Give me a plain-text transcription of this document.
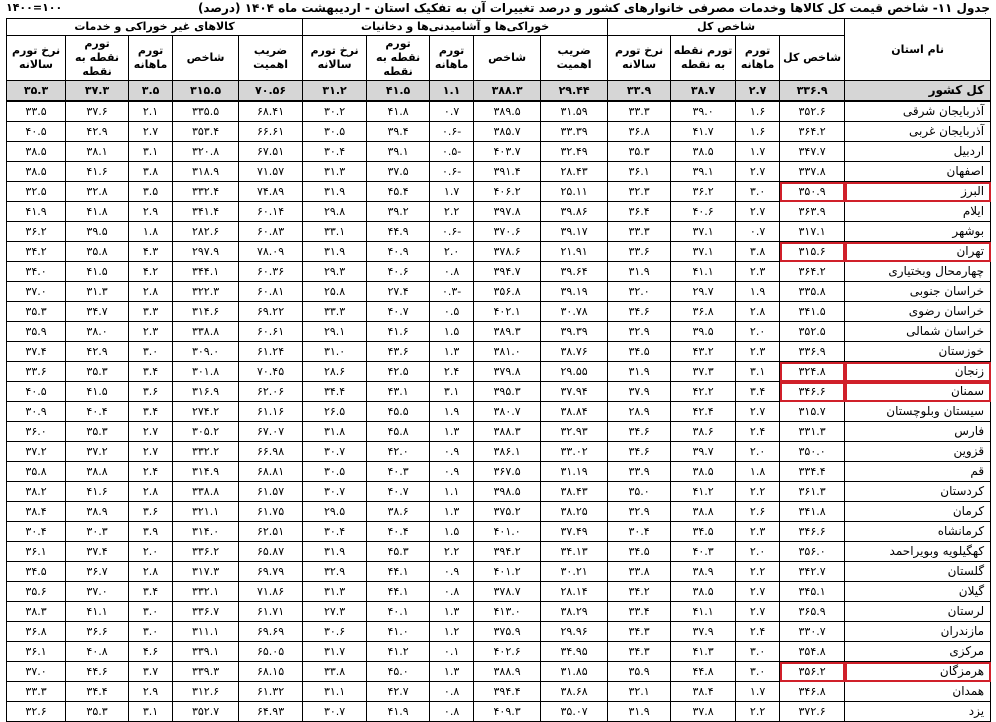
جدول ۱۱- شاخص قیمت کل کالاها وخدمات مصرفی خانوارهای کشور و درصد تغییرات آن به تفکیک استان - اردیبهشت ماه ۱۴۰۴ (درصد)
۱۴۰۰=۱۰۰
نام استان	شاخص کل				خوراکی‌ها و آشامیدنی‌ها و دخانیات					کالاهای غیر خوراکی و خدمات				
	شاخص کل	تورم ماهانه	تورم نقطه به نقطه	نرخ تورم سالانه	ضریب اهمیت	شاخص	تورم ماهانه	تورم نقطه به نقطه	نرخ تورم سالانه	ضریب اهمیت	شاخص	تورم ماهانه	تورم نقطه به نقطه	نرخ تورم سالانه
کل کشور	۳۳۶.۹	۲.۷	۳۸.۷	۳۳.۹	۲۹.۴۴	۳۸۸.۳	۱.۱	۴۱.۵	۳۱.۲	۷۰.۵۶	۳۱۵.۵	۳.۵	۳۷.۳	۳۵.۳
آذربایجان شرقی	۳۵۲.۶	۱.۶	۳۹.۰	۳۳.۳	۳۱.۵۹	۳۸۹.۵	۰.۷	۴۱.۸	۳۰.۲	۶۸.۴۱	۳۳۵.۵	۲.۱	۳۷.۶	۳۳.۵
آذربایجان غربی	۳۶۴.۲	۱.۶	۴۱.۷	۳۶.۸	۳۳.۳۹	۳۸۵.۷	-۰.۶	۳۹.۴	۳۰.۵	۶۶.۶۱	۳۵۳.۴	۲.۷	۴۲.۹	۴۰.۵
اردبیل	۳۴۷.۷	۱.۷	۳۸.۵	۳۵.۳	۳۲.۴۹	۴۰۳.۷	-۰.۵	۳۹.۱	۳۰.۴	۶۷.۵۱	۳۲۰.۸	۳.۱	۳۸.۱	۳۸.۵
اصفهان	۳۳۷.۸	۲.۷	۳۹.۱	۳۶.۱	۲۸.۴۳	۳۹۱.۴	-۰.۶	۳۷.۵	۳۱.۳	۷۱.۵۷	۳۱۸.۹	۳.۸	۴۱.۶	۳۸.۵
البرز	۳۵۰.۹	۳.۰	۳۶.۲	۳۲.۳	۲۵.۱۱	۴۰۶.۲	۱.۷	۴۵.۴	۳۱.۹	۷۴.۸۹	۳۳۲.۴	۳.۵	۳۲.۸	۳۲.۵
ایلام	۳۶۳.۹	۲.۷	۴۰.۶	۳۶.۴	۳۹.۸۶	۳۹۷.۸	۲.۲	۳۹.۲	۲۹.۸	۶۰.۱۴	۳۴۱.۴	۲.۹	۴۱.۸	۴۱.۹
بوشهر	۳۱۷.۱	۰.۷	۳۷.۱	۳۳.۳	۳۹.۱۷	۳۷۰.۶	-۰.۶	۴۴.۹	۳۳.۱	۶۰.۸۳	۲۸۲.۶	۱.۸	۳۹.۵	۳۶.۲
تهران	۳۱۵.۶	۳.۸	۳۷.۱	۳۳.۶	۲۱.۹۱	۳۷۸.۶	۲.۰	۴۰.۹	۳۱.۹	۷۸.۰۹	۲۹۷.۹	۴.۳	۳۵.۸	۳۴.۲
چهارمحال وبختیاری	۳۶۴.۲	۲.۳	۴۱.۱	۳۱.۹	۳۹.۶۴	۳۹۴.۷	۰.۸	۴۰.۶	۲۹.۳	۶۰.۳۶	۳۴۴.۱	۴.۲	۴۱.۵	۳۴.۰
خراسان جنوبی	۳۳۵.۸	۱.۹	۲۹.۷	۳۲.۰	۳۹.۱۹	۳۵۶.۸	-۰.۳	۲۷.۴	۲۵.۸	۶۰.۸۱	۳۲۲.۳	۲.۸	۳۱.۳	۳۷.۰
خراسان رضوی	۳۴۱.۵	۲.۸	۳۶.۸	۳۴.۶	۳۰.۷۸	۴۰۲.۱	۰.۵	۴۰.۷	۳۳.۳	۶۹.۲۲	۳۱۴.۶	۳.۳	۳۴.۷	۳۵.۳
خراسان شمالی	۳۵۲.۵	۲.۰	۳۹.۵	۳۲.۹	۳۹.۳۹	۳۸۹.۳	۱.۵	۴۱.۶	۲۹.۱	۶۰.۶۱	۳۳۸.۸	۲.۳	۳۸.۰	۳۵.۹
خوزستان	۳۳۶.۹	۲.۳	۴۳.۲	۳۴.۵	۳۸.۷۶	۳۸۱.۰	۱.۳	۴۳.۶	۳۱.۰	۶۱.۲۴	۳۰۹.۰	۳.۰	۴۲.۹	۳۷.۴
زنجان	۳۲۴.۸	۳.۱	۳۷.۳	۳۱.۹	۲۹.۵۵	۳۷۹.۸	۲.۴	۴۲.۵	۲۸.۶	۷۰.۴۵	۳۰۱.۸	۳.۴	۳۵.۳	۳۳.۶
سمنان	۳۴۶.۶	۳.۴	۴۲.۲	۳۷.۹	۳۷.۹۴	۳۹۵.۳	۳.۱	۴۳.۱	۳۴.۴	۶۲.۰۶	۳۱۶.۹	۳.۶	۴۱.۵	۴۰.۵
سیستان وبلوچستان	۳۱۵.۷	۲.۷	۴۲.۴	۲۸.۹	۳۸.۸۴	۳۸۰.۷	۱.۹	۴۵.۵	۲۶.۵	۶۱.۱۶	۲۷۴.۲	۳.۴	۴۰.۴	۳۰.۹
فارس	۳۳۱.۳	۲.۴	۳۸.۶	۳۴.۶	۳۲.۹۳	۳۸۸.۳	۱.۳	۴۵.۸	۳۱.۸	۶۷.۰۷	۳۰۵.۲	۲.۷	۳۵.۳	۳۶.۰
قزوین	۳۵۰.۰	۲.۰	۳۹.۷	۳۴.۶	۳۳.۰۲	۳۸۶.۱	۰.۹	۴۲.۰	۳۰.۷	۶۶.۹۸	۳۳۲.۲	۲.۷	۳۷.۲	۳۷.۲
قم	۳۳۴.۴	۱.۸	۳۸.۵	۳۳.۹	۳۱.۱۹	۳۶۷.۵	۰.۹	۴۰.۳	۳۰.۵	۶۸.۸۱	۳۱۴.۹	۲.۴	۳۸.۸	۳۵.۸
کردستان	۳۶۱.۳	۲.۲	۴۱.۲	۳۵.۰	۳۸.۴۳	۳۹۸.۵	۱.۱	۴۰.۷	۳۰.۷	۶۱.۵۷	۳۳۸.۸	۲.۸	۴۱.۶	۳۸.۲
کرمان	۳۴۱.۸	۲.۶	۳۸.۸	۳۲.۹	۳۸.۲۵	۳۷۵.۲	۱.۳	۳۸.۶	۲۹.۵	۶۱.۷۵	۳۲۱.۱	۳.۶	۳۸.۹	۳۸.۴
کرمانشاه	۳۴۶.۶	۲.۳	۳۴.۵	۳۰.۴	۳۷.۴۹	۴۰۱.۰	۱.۵	۴۰.۴	۳۰.۴	۶۲.۵۱	۳۱۴.۰	۳.۹	۳۰.۳	۳۰.۴
کهگیلویه وبویراحمد	۳۵۶.۰	۲.۰	۴۰.۳	۳۴.۵	۳۴.۱۳	۳۹۴.۲	۲.۲	۴۵.۳	۳۱.۹	۶۵.۸۷	۳۳۶.۲	۲.۰	۳۷.۴	۳۶.۱
گلستان	۳۴۲.۷	۲.۲	۳۸.۹	۳۳.۸	۳۰.۲۱	۴۰۱.۲	۰.۹	۴۴.۱	۳۲.۹	۶۹.۷۹	۳۱۷.۳	۲.۸	۳۶.۷	۳۴.۵
گیلان	۳۴۵.۱	۲.۷	۳۸.۵	۳۴.۲	۲۸.۱۴	۳۷۸.۷	۰.۸	۴۴.۱	۳۱.۳	۷۱.۸۶	۳۳۲.۱	۳.۴	۳۷.۰	۳۵.۶
لرستان	۳۶۵.۹	۲.۷	۴۱.۱	۳۳.۴	۳۸.۲۹	۴۱۳.۰	۱.۳	۴۰.۱	۲۷.۳	۶۱.۷۱	۳۳۶.۷	۳.۰	۴۱.۱	۳۸.۳
مازندران	۳۳۰.۷	۲.۴	۳۷.۹	۳۴.۳	۲۹.۹۶	۳۷۵.۹	۱.۲	۴۱.۰	۳۰.۶	۶۹.۶۹	۳۱۱.۱	۳.۰	۳۶.۶	۳۶.۸
مرکزی	۳۵۴.۸	۳.۰	۴۱.۳	۳۴.۳	۳۴.۹۵	۴۰۲.۶	۰.۱	۴۱.۲	۳۱.۷	۶۵.۰۵	۳۳۹.۱	۴.۶	۴۰.۸	۳۶.۱
هرمزگان	۳۵۶.۲	۳.۰	۴۴.۸	۳۵.۹	۳۱.۸۵	۳۸۸.۹	۱.۳	۴۵.۰	۳۳.۸	۶۸.۱۵	۳۳۹.۳	۳.۷	۴۴.۶	۳۷.۰
همدان	۳۴۶.۸	۱.۷	۳۸.۴	۳۲.۱	۳۸.۶۸	۳۹۴.۴	۰.۸	۴۲.۷	۳۱.۱	۶۱.۳۲	۳۱۲.۶	۲.۹	۳۴.۴	۳۳.۳
یزد	۳۷۲.۶	۲.۲	۳۷.۸	۳۱.۹	۳۵.۰۷	۴۰۹.۳	۰.۸	۴۱.۹	۳۰.۷	۶۴.۹۳	۳۵۲.۷	۳.۱	۳۵.۳	۳۲.۶
